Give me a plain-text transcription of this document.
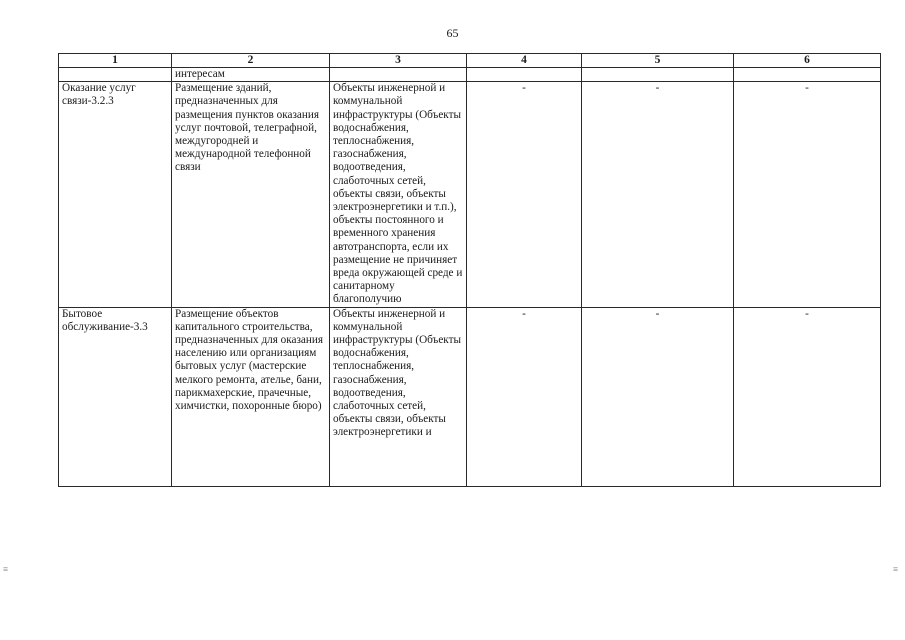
65
1	2	3	4	5	6
	интересам				

Оказание услуг связи-3.2.3	Размещение зданий, предназначенных для размещения пунктов оказания услуг почтовой, телеграфной, междугородней и международной телефонной связи	Объекты инженерной и коммунальной инфраструктуры (Объекты водоснабжения, теплоснабжения, газоснабжения, водоотведения, слаботочных сетей, объекты связи, объекты электроэнергетики и т.п.), объекты постоянного и временного хранения автотранспорта, если их размещение не причиняет вреда окружающей среде и санитарному благополучию	-	-	-

Бытовое обслуживание-3.3	Размещение объектов капитального строительства, предназначенных для оказания населению или организациям бытовых услуг (мастерские мелкого ремонта, ателье, бани, парикмахерские, прачечные, химчистки, похоронные бюро)	Объекты инженерной и коммунальной инфраструктуры (Объекты водоснабжения, теплоснабжения, газоснабжения, водоотведения, слаботочных сетей, объекты связи, объекты электроэнергетики и	-	-	-
≡	≡
